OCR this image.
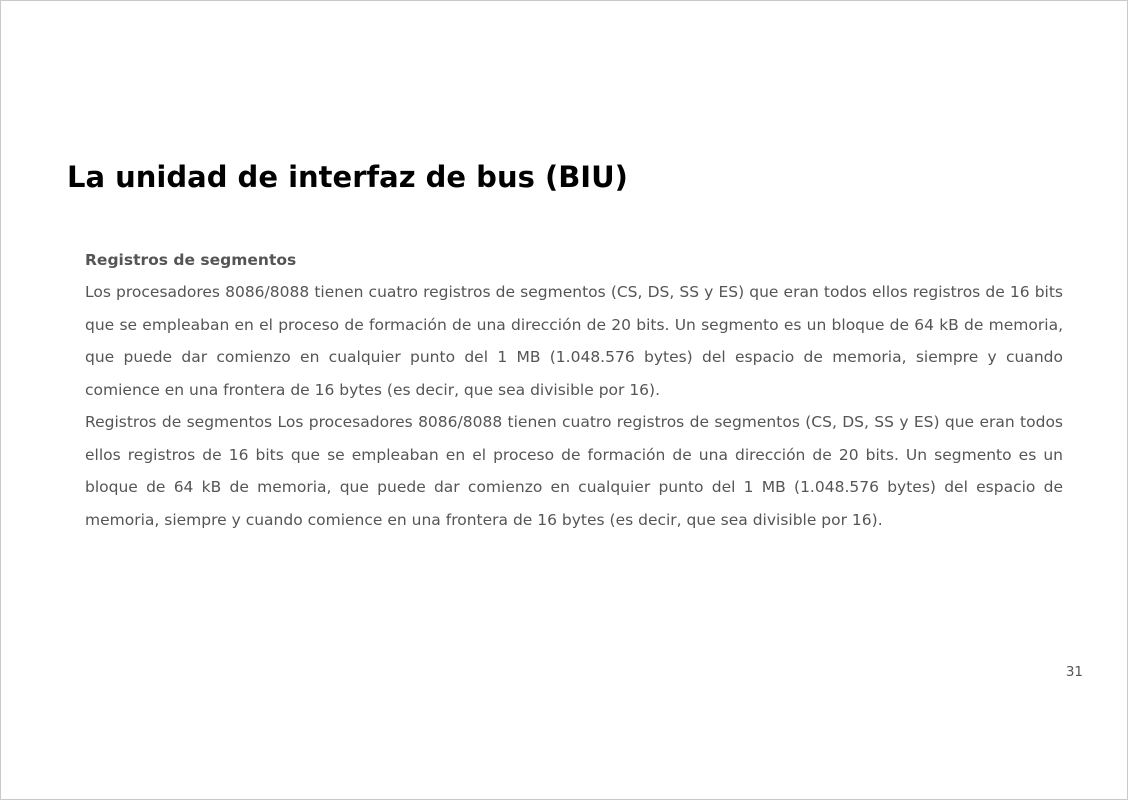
La unidad de interfaz de bus (BIU)

Registros de segmentos

Los procesadores 8086/8088 tienen cuatro registros de segmentos (CS, DS, SS y ES) que eran todos ellos registros de 16 bits que se empleaban en el proceso de formación de una dirección de 20 bits. Un segmento es un bloque de 64 kB de memoria, que puede dar comienzo en cualquier punto del 1 MB (1.048.576 bytes) del espacio de memoria, siempre y cuando comience en una frontera de 16 bytes (es decir, que sea divisible por 16).

Registros de segmentos Los procesadores 8086/8088 tienen cuatro registros de segmentos (CS, DS, SS y ES) que eran todos ellos registros de 16 bits que se empleaban en el proceso de formación de una dirección de 20 bits. Un segmento es un bloque de 64 kB de memoria, que puede dar comienzo en cualquier punto del 1 MB (1.048.576 bytes) del espacio de memoria, siempre y cuando comience en una frontera de 16 bytes (es decir, que sea divisible por 16).

31
